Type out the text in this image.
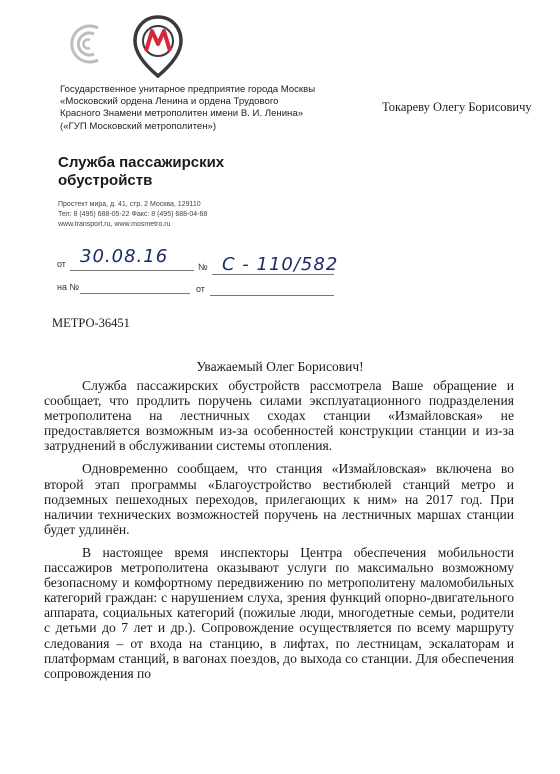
Государственное унитарное предприятие города Москвы
«Московский ордена Ленина и ордена Трудового
Красного Знамени метрополитен имени В. И. Ленина»
(«ГУП Московский метрополитен»)
Токареву Олегу Борисовичу
Служба пассажирских
обустройств
Простект мира, д. 41, стр. 2 Москва, 129110
Тел: 8 (495) 688-05-22 Факс: 8 (495) 688-04-68
www.transport.ru, www.mosmetro.ru
от 30.08.16	№ С - 110/582
на №	от
МЕТРО-36451
Уважаемый Олег Борисович!

Служба пассажирских обустройств рассмотрела Ваше обращение и сообщает, что продлить поручень силами эксплуатационного подразделения метрополитена на лестничных сходах станции «Измайловская» не предоставляется возможным из-за особенностей конструкции станции и из-за затруднений в обслуживании системы отопления.

Одновременно сообщаем, что станция «Измайловская» включена во второй этап программы «Благоустройство вестибюлей станций метро и подземных пешеходных переходов, прилегающих к ним» на 2017 год. При наличии технических возможностей поручень на лестничных маршах станции будет удлинён.

В настоящее время инспекторы Центра обеспечения мобильности пассажиров метрополитена оказывают услуги по максимально возможному безопасному и комфортному передвижению по метрополитену маломобильных категорий граждан: с нарушением слуха, зрения функций опорно-двигательного аппарата, социальных категорий (пожилые люди, многодетные семьи, родители с детьми до 7 лет и др.). Сопровождение осуществляется по всему маршруту следования – от входа на станцию, в лифтах, по лестницам, эскалаторам и платформам станций, в вагонах поездов, до выхода со станции. Для обеспечения сопровождения по
